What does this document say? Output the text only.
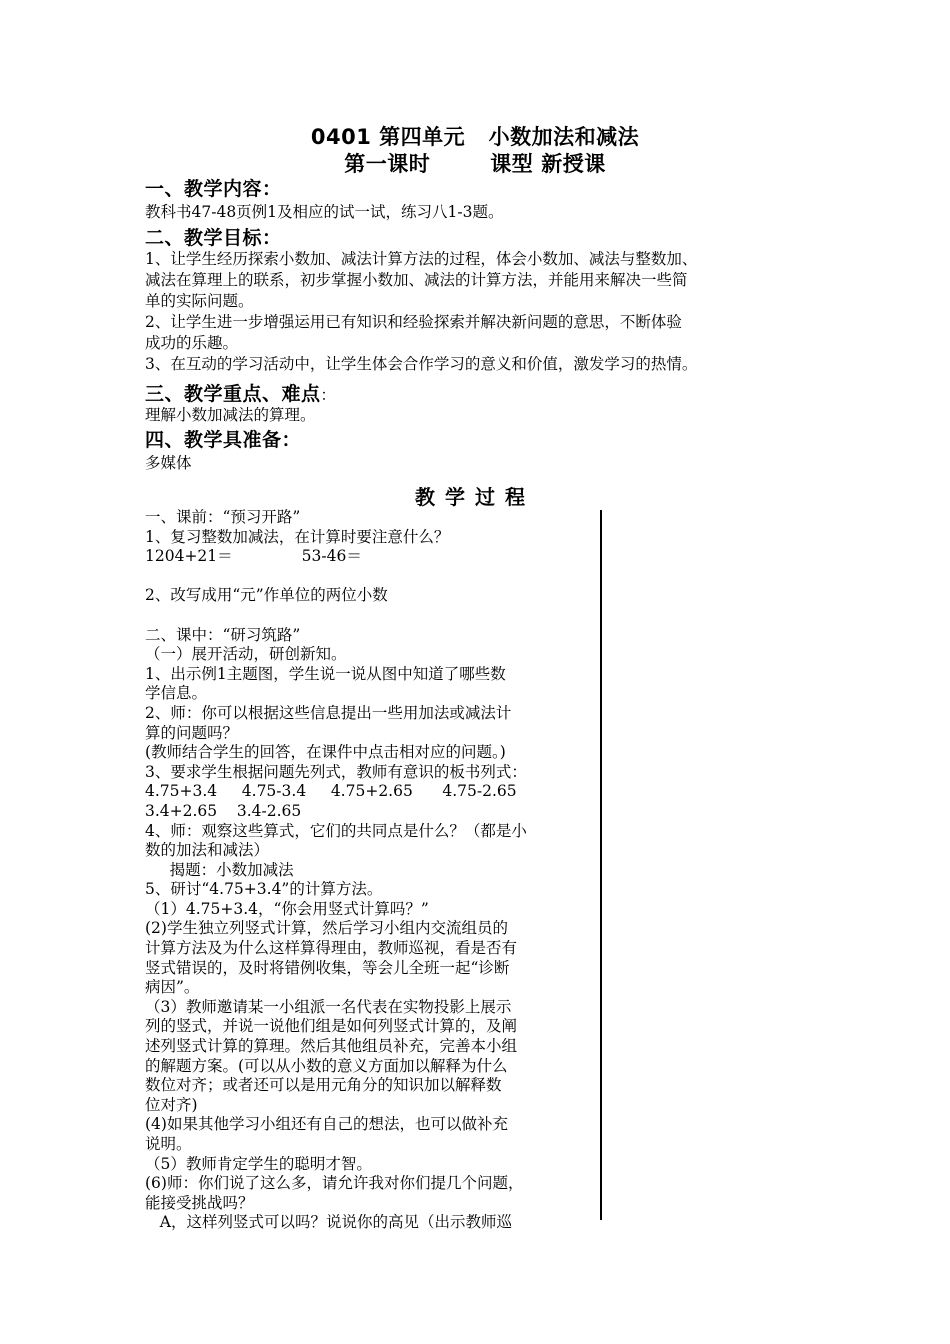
0401 第四单元 小数加法和减法
第一课时	课型 新授课
一、教学内容：
教科书47-48页例1及相应的试一试，练习八1-3题。
二、教学目标：
1、让学生经历探索小数加、减法计算方法的过程，体会小数加、减法与整数加、
减法在算理上的联系，初步掌握小数加、减法的计算方法，并能用来解决一些简
单的实际问题。
2、让学生进一步增强运用已有知识和经验探索并解决新问题的意思，不断体验
成功的乐趣。
3、在互动的学习活动中，让学生体会合作学习的意义和价值，激发学习的热情。
三、教学重点、难点：
理解小数加减法的算理。
四、教学具准备：
多媒体
教学过程
一、课前：“预习开路”
1、复习整数加减法，在计算时要注意什么？
1204+21＝              53-46＝
2、改写成用“元”作单位的两位小数
二、课中：“研习筑路”
（一）展开活动，研创新知。
1、出示例1主题图，学生说一说从图中知道了哪些数
学信息。
2、师：你可以根据这些信息提出一些用加法或减法计
算的问题吗？
(教师结合学生的回答，在课件中点击相对应的问题。)
3、要求学生根据问题先列式，教师有意识的板书列式：
4.75+3.4     4.75-3.4     4.75+2.65      4.75-2.65
3.4+2.65    3.4-2.65
4、师：观察这些算式，它们的共同点是什么？（都是小
数的加法和减法）
揭题：小数加减法
5、研讨“4.75+3.4”的计算方法。
（1）4.75+3.4，“你会用竖式计算吗？”
(2)学生独立列竖式计算，然后学习小组内交流组员的
计算方法及为什么这样算得理由，教师巡视，看是否有
竖式错误的，及时将错例收集，等会儿全班一起“诊断
病因”。
（3）教师邀请某一小组派一名代表在实物投影上展示
列的竖式，并说一说他们组是如何列竖式计算的，及阐
述列竖式计算的算理。然后其他组员补充，完善本小组
的解题方案。(可以从小数的意义方面加以解释为什么
数位对齐；或者还可以是用元角分的知识加以解释数
位对齐)
(4)如果其他学习小组还有自己的想法，也可以做补充
说明。
（5）教师肯定学生的聪明才智。
(6)师：你们说了这么多，请允许我对你们提几个问题，
能接受挑战吗？
A，这样列竖式可以吗？说说你的高见（出示教师巡
